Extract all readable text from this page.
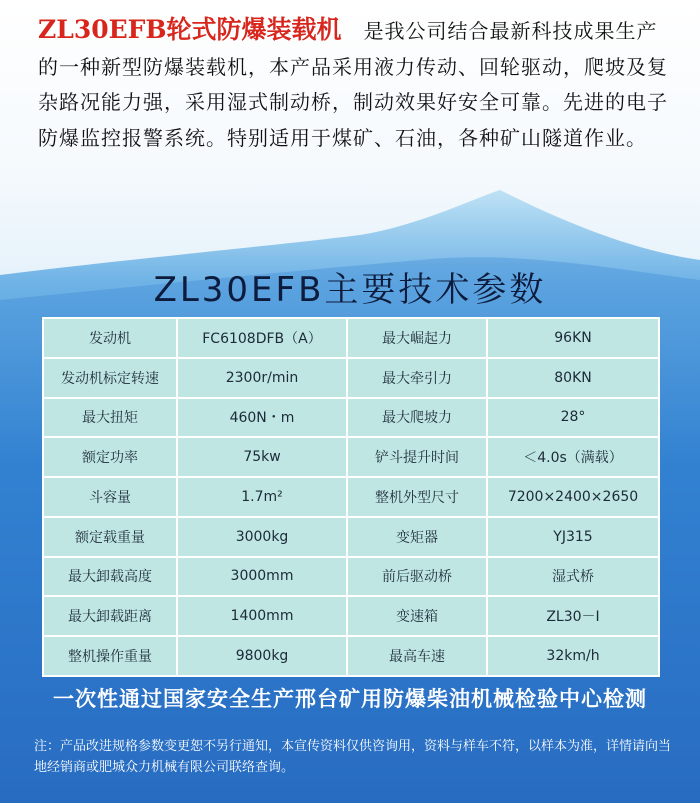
ZL30EFB轮式防爆装载机 是我公司结合最新科技成果生产的一种新型防爆装载机，本产品采用液力传动、回轮驱动，爬坡及复杂路况能力强，采用湿式制动桥，制动效果好安全可靠。先进的电子防爆监控报警系统。特别适用于煤矿、石油，各种矿山隧道作业。
ZL30EFB主要技术参数
发动机	FC6108DFB（A）	最大崛起力	96KN
发动机标定转速	2300r/min	最大牵引力	80KN
最大扭矩	460N・m	最大爬坡力	28°
额定功率	75kw	铲斗提升时间	＜4.0s（满载）
斗容量	1.7m²	整机外型尺寸	7200×2400×2650
额定载重量	3000kg	变矩器	YJ315
最大卸载高度	3000mm	前后驱动桥	湿式桥
最大卸载距离	1400mm	变速箱	ZL30－Ⅰ
整机操作重量	9800kg	最高车速	32km/h
一次性通过国家安全生产邢台矿用防爆柴油机械检验中心检测
注：产品改进规格参数变更恕不另行通知，本宣传资料仅供咨询用，资料与样车不符，以样本为准，详情请向当地经销商或肥城众力机械有限公司联络查询。
